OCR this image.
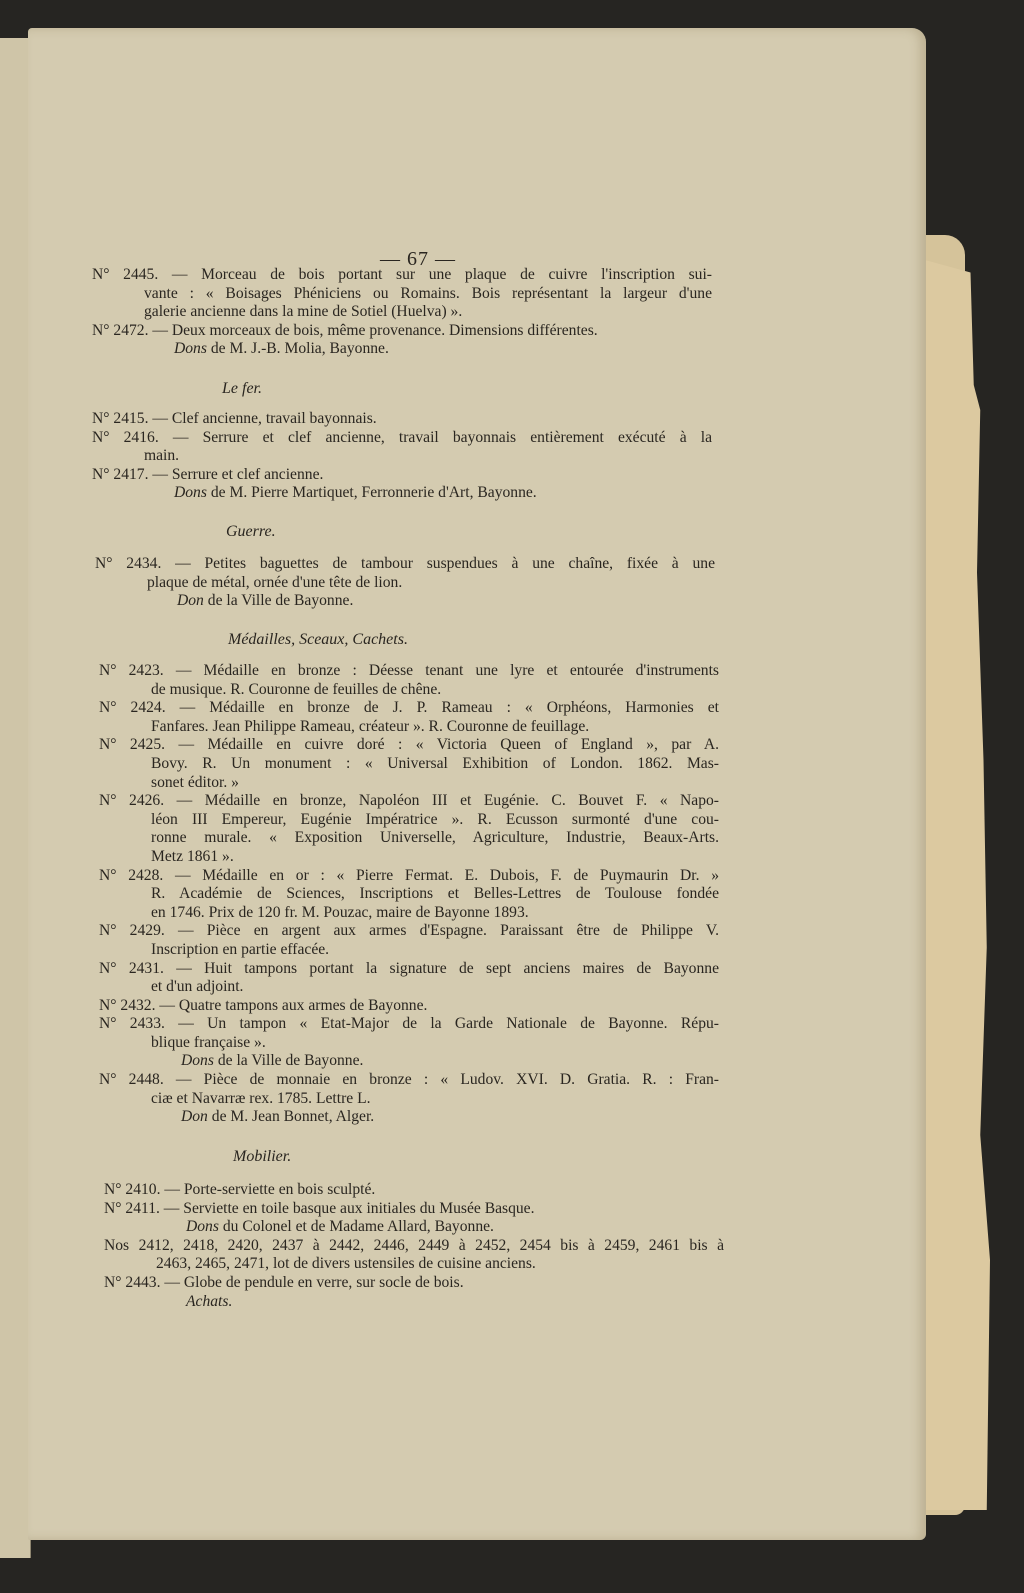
— 67 —
N° 2445. — Morceau de bois portant sur une plaque de cuivre l'inscription sui-
vante : « Boisages Phéniciens ou Romains. Bois représentant la largeur d'une
galerie ancienne dans la mine de Sotiel (Huelva) ».
N° 2472. — Deux morceaux de bois, même provenance. Dimensions différentes.
Dons de M. J.-B. Molia, Bayonne.
Le fer.
N° 2415. — Clef ancienne, travail bayonnais.
N° 2416. — Serrure et clef ancienne, travail bayonnais entièrement exécuté à la
main.
N° 2417. — Serrure et clef ancienne.
Dons de M. Pierre Martiquet, Ferronnerie d'Art, Bayonne.
Guerre.
N° 2434. — Petites baguettes de tambour suspendues à une chaîne, fixée à une
plaque de métal, ornée d'une tête de lion.
Don de la Ville de Bayonne.
Médailles, Sceaux, Cachets.
N° 2423. — Médaille en bronze : Déesse tenant une lyre et entourée d'instruments
de musique. R. Couronne de feuilles de chêne.
N° 2424. — Médaille en bronze de J. P. Rameau : « Orphéons, Harmonies et
Fanfares. Jean Philippe Rameau, créateur ». R. Couronne de feuillage.
N° 2425. — Médaille en cuivre doré : « Victoria Queen of England », par A.
Bovy. R. Un monument : « Universal Exhibition of London. 1862. Mas-
sonet éditor. »
N° 2426. — Médaille en bronze, Napoléon III et Eugénie. C. Bouvet F. « Napo-
léon III Empereur, Eugénie Impératrice ». R. Ecusson surmonté d'une cou-
ronne murale. « Exposition Universelle, Agriculture, Industrie, Beaux-Arts.
Metz 1861 ».
N° 2428. — Médaille en or : « Pierre Fermat. E. Dubois, F. de Puymaurin Dr. »
R. Académie de Sciences, Inscriptions et Belles-Lettres de Toulouse fondée
en 1746. Prix de 120 fr. M. Pouzac, maire de Bayonne 1893.
N° 2429. — Pièce en argent aux armes d'Espagne. Paraissant être de Philippe V.
Inscription en partie effacée.
N° 2431. — Huit tampons portant la signature de sept anciens maires de Bayonne
et d'un adjoint.
N° 2432. — Quatre tampons aux armes de Bayonne.
N° 2433. — Un tampon « Etat-Major de la Garde Nationale de Bayonne. Répu-
blique française ».
Dons de la Ville de Bayonne.
N° 2448. — Pièce de monnaie en bronze : « Ludov. XVI. D. Gratia. R. : Fran-
ciæ et Navarræ rex. 1785. Lettre L.
Don de M. Jean Bonnet, Alger.
Mobilier.
N° 2410. — Porte-serviette en bois sculpté.
N° 2411. — Serviette en toile basque aux initiales du Musée Basque.
Dons du Colonel et de Madame Allard, Bayonne.
Nos 2412, 2418, 2420, 2437 à 2442, 2446, 2449 à 2452, 2454 bis à 2459, 2461 bis à
2463, 2465, 2471, lot de divers ustensiles de cuisine anciens.
N° 2443. — Globe de pendule en verre, sur socle de bois.
Achats.
